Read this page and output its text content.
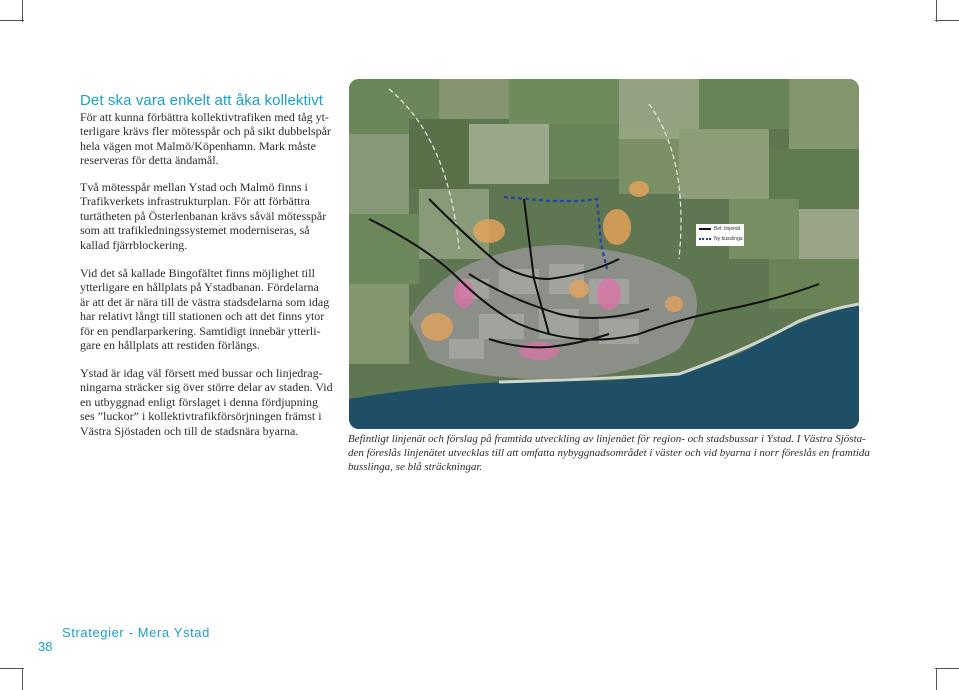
Det ska vara enkelt att åka kollektivt
För att kunna förbättra kollektivtrafiken med tåg yt-
terligare krävs fler mötesspår och på sikt dubbelspår
hela vägen mot Malmö/Köpenhamn. Mark måste
reserveras för detta ändamål.
Två mötesspår mellan Ystad och Malmö finns i
Trafikverkets infrastrukturplan. För att förbättra
turtätheten på Österlenbanan krävs såväl mötesspår
som att trafikledningssystemet moderniseras, så
kallad fjärrblockering.
Vid det så kallade Bingofältet finns möjlighet till
ytterligare en hållplats på Ystadbanan. Fördelarna
är att det är nära till de västra stadsdelarna som idag
har relativt långt till stationen och att det finns ytor
för en pendlarparkering. Samtidigt innebär ytterli-
gare en hållplats att restiden förlängs.
Ystad är idag väl försett med bussar och linjedrag-
ningarna sträcker sig över större delar av staden. Vid
en utbyggnad enligt förslaget i denna fördjupning
ses ”luckor” i kollektivtrafikförsörjningen främst i
Västra Sjöstaden och till de stadsnära byarna.
Bef. linjenät
Ny busslinga
Befintligt linjenät och förslag på framtida utveckling av linjenäet för region- och stadsbussar i Ystad. I Västra Sjösta-
den föreslås linjenätet utvecklas till att omfatta nybyggnadsområdet i väster och vid byarna i norr föreslås en framtida
busslinga, se blå sträckningar.
Strategier - Mera Ystad
38
